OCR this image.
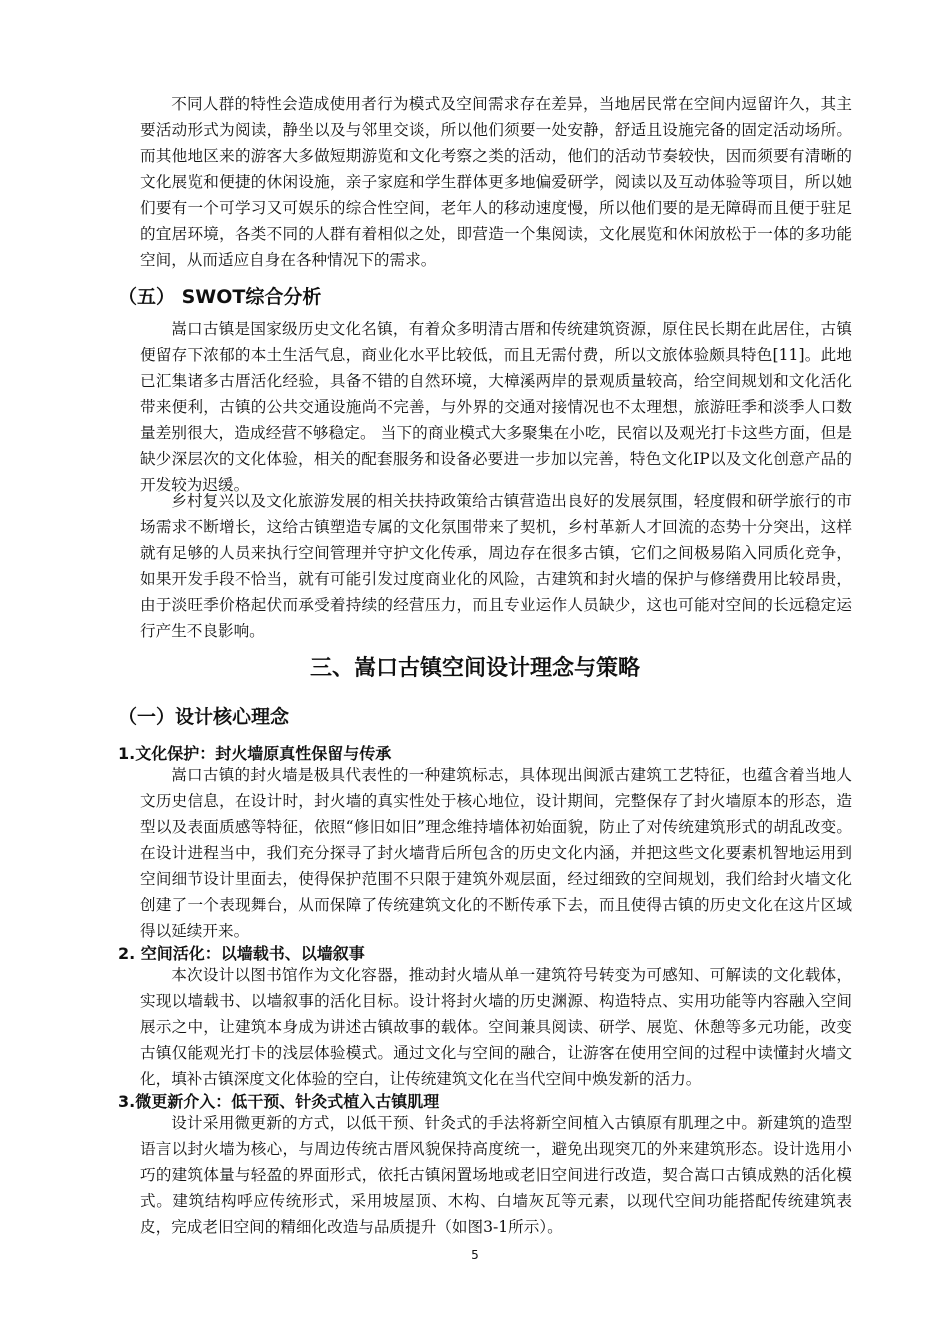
不同人群的特性会造成使用者行为模式及空间需求存在差异，当地居民常在空间内逗留许久，其主要活动形式为阅读，静坐以及与邻里交谈，所以他们须要一处安静，舒适且设施完备的固定活动场所。而其他地区来的游客大多做短期游览和文化考察之类的活动，他们的活动节奏较快，因而须要有清晰的文化展览和便捷的休闲设施，亲子家庭和学生群体更多地偏爱研学，阅读以及互动体验等项目，所以她们要有一个可学习又可娱乐的综合性空间，老年人的移动速度慢，所以他们要的是无障碍而且便于驻足的宜居环境，各类不同的人群有着相似之处，即营造一个集阅读，文化展览和休闲放松于一体的多功能空间，从而适应自身在各种情况下的需求。

（五） SWOT综合分析

嵩口古镇是国家级历史文化名镇，有着众多明清古厝和传统建筑资源，原住民长期在此居住，古镇便留存下浓郁的本土生活气息，商业化水平比较低，而且无需付费，所以文旅体验颇具特色[11]。此地已汇集诸多古厝活化经验，具备不错的自然环境，大樟溪两岸的景观质量较高，给空间规划和文化活化带来便利，古镇的公共交通设施尚不完善，与外界的交通对接情况也不太理想，旅游旺季和淡季人口数量差别很大，造成经营不够稳定。 当下的商业模式大多聚集在小吃，民宿以及观光打卡这些方面，但是缺少深层次的文化体验，相关的配套服务和设备必要进一步加以完善，特色文化IP以及文化创意产品的开发较为迟缓。

乡村复兴以及文化旅游发展的相关扶持政策给古镇营造出良好的发展氛围，轻度假和研学旅行的市场需求不断增长，这给古镇塑造专属的文化氛围带来了契机，乡村革新人才回流的态势十分突出，这样就有足够的人员来执行空间管理并守护文化传承，周边存在很多古镇，它们之间极易陷入同质化竞争，如果开发手段不恰当，就有可能引发过度商业化的风险，古建筑和封火墙的保护与修缮费用比较昂贵，由于淡旺季价格起伏而承受着持续的经营压力，而且专业运作人员缺少，这也可能对空间的长远稳定运行产生不良影响。

三、嵩口古镇空间设计理念与策略
（一）设计核心理念
1.文化保护：封火墙原真性保留与传承

嵩口古镇的封火墙是极具代表性的一种建筑标志，具体现出闽派古建筑工艺特征，也蕴含着当地人文历史信息，在设计时，封火墙的真实性处于核心地位，设计期间，完整保存了封火墙原本的形态，造型以及表面质感等特征，依照“修旧如旧”理念维持墙体初始面貌，防止了对传统建筑形式的胡乱改变。在设计进程当中，我们充分探寻了封火墙背后所包含的历史文化内涵，并把这些文化要素机智地运用到空间细节设计里面去，使得保护范围不只限于建筑外观层面，经过细致的空间规划，我们给封火墙文化创建了一个表现舞台，从而保障了传统建筑文化的不断传承下去，而且使得古镇的历史文化在这片区域得以延续开来。

2. 空间活化：以墙载书、以墙叙事

本次设计以图书馆作为文化容器，推动封火墙从单一建筑符号转变为可感知、可解读的文化载体，实现以墙载书、以墙叙事的活化目标。设计将封火墙的历史渊源、构造特点、实用功能等内容融入空间展示之中，让建筑本身成为讲述古镇故事的载体。空间兼具阅读、研学、展览、休憩等多元功能，改变古镇仅能观光打卡的浅层体验模式。通过文化与空间的融合，让游客在使用空间的过程中读懂封火墙文化，填补古镇深度文化体验的空白，让传统建筑文化在当代空间中焕发新的活力。

3.微更新介入：低干预、针灸式植入古镇肌理

设计采用微更新的方式，以低干预、针灸式的手法将新空间植入古镇原有肌理之中。新建筑的造型语言以封火墙为核心，与周边传统古厝风貌保持高度统一，避免出现突兀的外来建筑形态。设计选用小巧的建筑体量与轻盈的界面形式，依托古镇闲置场地或老旧空间进行改造，契合嵩口古镇成熟的活化模式。建筑结构呼应传统形式，采用坡屋顶、木构、白墙灰瓦等元素，以现代空间功能搭配传统建筑表皮，完成老旧空间的精细化改造与品质提升（如图3-1所示）。

5
